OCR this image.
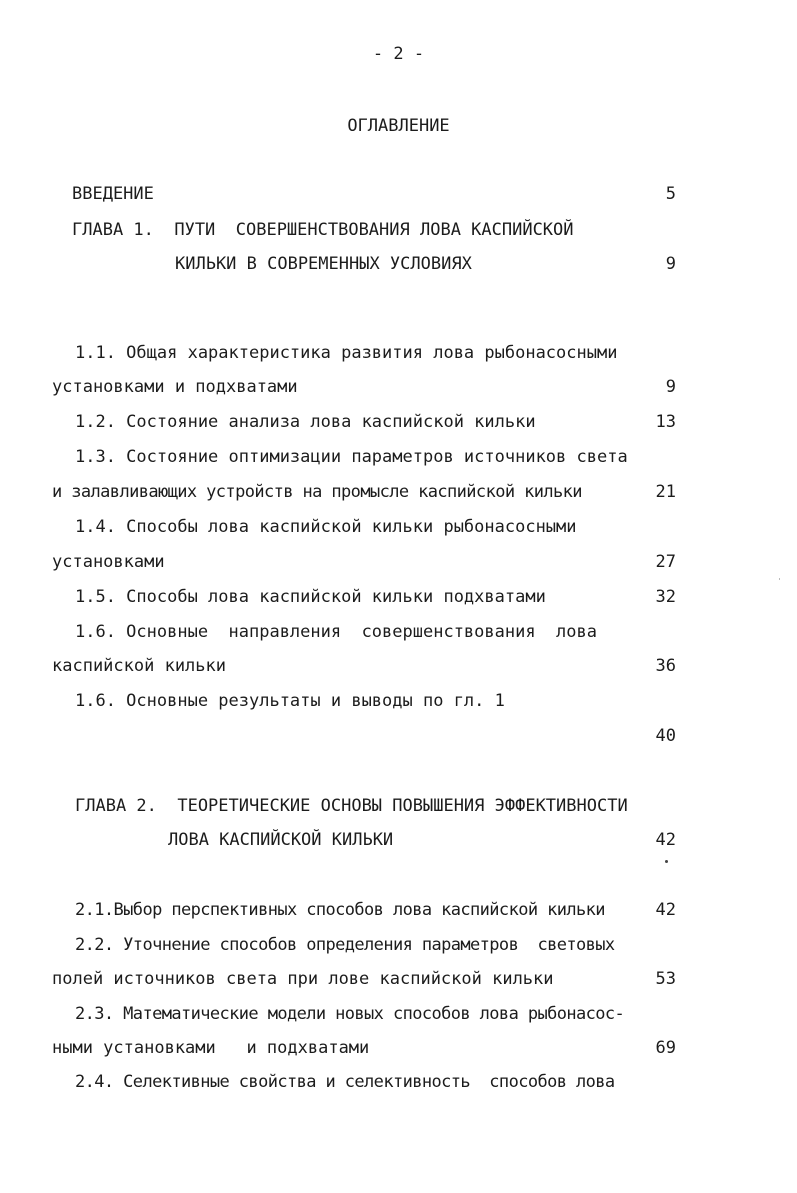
- 2 -
ОГЛАВЛЕНИЕ
ВВЕДЕНИЕ	5
ГЛАВА 1.  ПУТИ  СОВЕРШЕНСТВОВАНИЯ ЛОВА КАСПИЙСКОЙ
КИЛЬКИ В СОВРЕМЕННЫХ УСЛОВИЯХ	9
1.1. Общая характеристика развития лова рыбонасосными
установками и подхватами	9
1.2. Состояние анализа лова каспийской кильки	13
1.3. Состояние оптимизации параметров источников света
и залавливающих устройств на промысле каспийской кильки	21
1.4. Способы лова каспийской кильки рыбонасосными
установками	27
1.5. Способы лова каспийской кильки подхватами	32
1.6. Основные  направления  совершенствования  лова
каспийской кильки	36
1.6. Основные результаты и выводы по гл. 1
40
ГЛАВА 2.  ТЕОРЕТИЧЕСКИЕ ОСНОВЫ ПОВЫШЕНИЯ ЭФФЕКТИВНОСТИ
ЛОВА КАСПИЙСКОЙ КИЛЬКИ	42
2.1.Выбор перспективных способов лова каспийской кильки	42
2.2. Уточнение способов определения параметров  световых
полей источников света при лове каспийской кильки	53
2.3. Математические модели новых способов лова рыбонасос-
ными установками   и подхватами	69
2.4. Селективные свойства и селективность  способов лова
